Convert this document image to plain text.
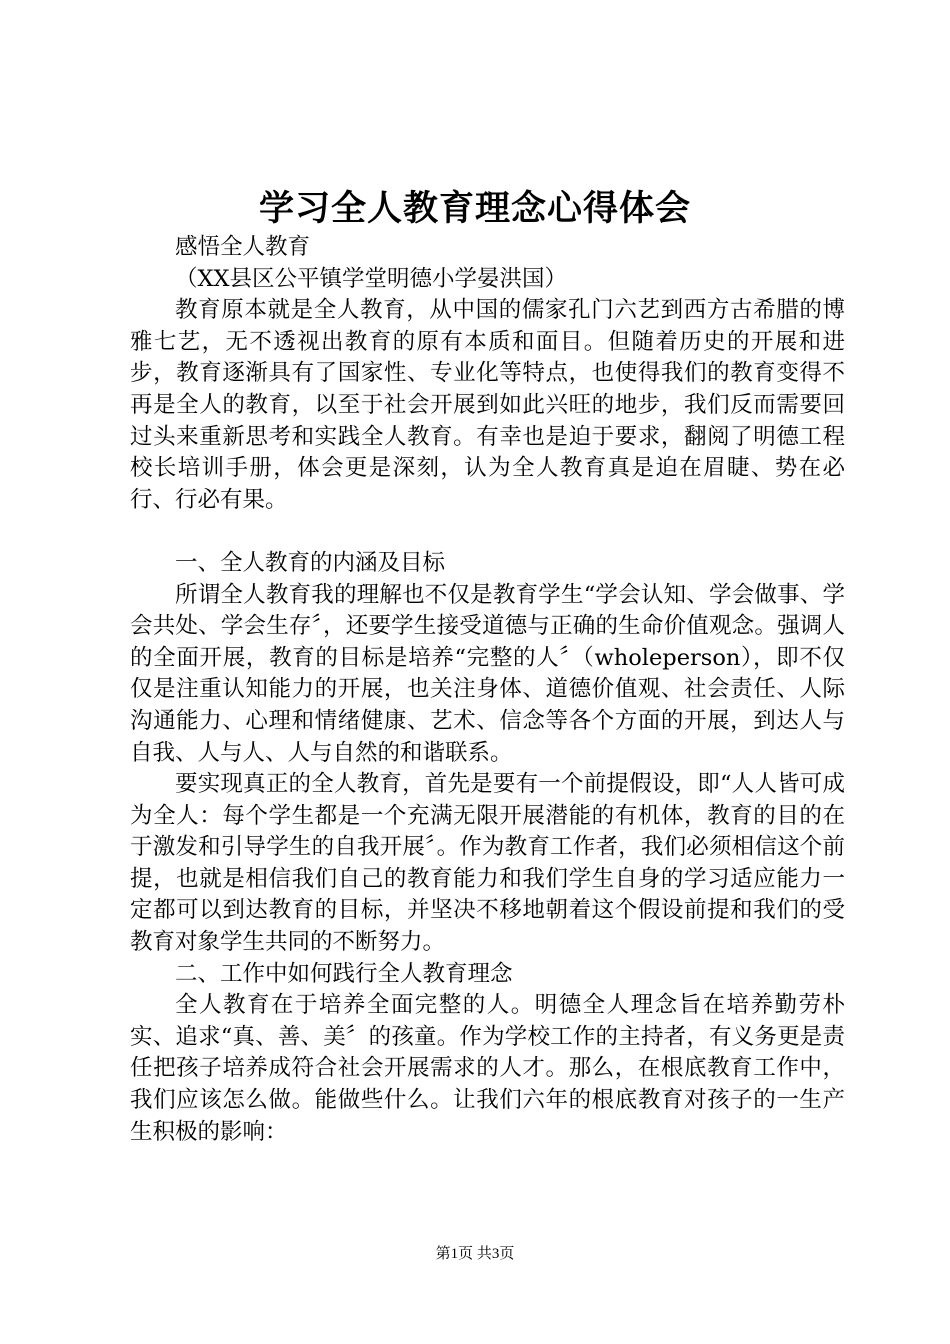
学习全人教育理念心得体会

感悟全人教育

（XX县区公平镇学堂明德小学晏洪国）

教育原本就是全人教育，从中国的儒家孔门六艺到西方古希腊的博雅七艺，无不透视出教育的原有本质和面目。但随着历史的开展和进步，教育逐渐具有了国家性、专业化等特点，也使得我们的教育变得不再是全人的教育，以至于社会开展到如此兴旺的地步，我们反而需要回过头来重新思考和实践全人教育。有幸也是迫于要求，翻阅了明德工程校长培训手册，体会更是深刻，认为全人教育真是迫在眉睫、势在必行、行必有果。

一、全人教育的内涵及目标

所谓全人教育我的理解也不仅是教育学生“学会认知、学会做事、学会共处、学会生存〞，还要学生接受道德与正确的生命价值观念。强调人的全面开展，教育的目标是培养“完整的人〞（wholeperson），即不仅仅是注重认知能力的开展，也关注身体、道德价值观、社会责任、人际沟通能力、心理和情绪健康、艺术、信念等各个方面的开展，到达人与自我、人与人、人与自然的和谐联系。

要实现真正的全人教育，首先是要有一个前提假设，即“人人皆可成为全人：每个学生都是一个充满无限开展潜能的有机体，教育的目的在于激发和引导学生的自我开展〞。作为教育工作者，我们必须相信这个前提，也就是相信我们自己的教育能力和我们学生自身的学习适应能力一定都可以到达教育的目标，并坚决不移地朝着这个假设前提和我们的受教育对象学生共同的不断努力。

二、工作中如何践行全人教育理念

全人教育在于培养全面完整的人。明德全人理念旨在培养勤劳朴实、追求“真、善、美〞的孩童。作为学校工作的主持者，有义务更是责任把孩子培养成符合社会开展需求的人才。那么，在根底教育工作中，我们应该怎么做。能做些什么。让我们六年的根底教育对孩子的一生产生积极的影响：

第1页 共3页
